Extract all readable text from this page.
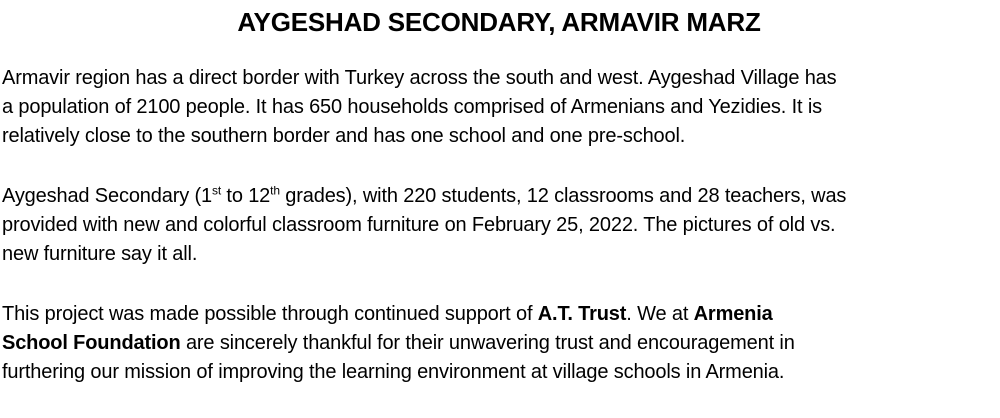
AYGESHAD SECONDARY, ARMAVIR MARZ

Armavir region has a direct border with Turkey across the south and west. Aygeshad Village has
a population of 2100 people. It has 650 households comprised of Armenians and Yezidies. It is
relatively close to the southern border and has one school and one pre-school.

Aygeshad Secondary (1st to 12th grades), with 220 students, 12 classrooms and 28 teachers, was
provided with new and colorful classroom furniture on February 25, 2022. The pictures of old vs.
new furniture say it all.

This project was made possible through continued support of A.T. Trust. We at Armenia
School Foundation are sincerely thankful for their unwavering trust and encouragement in
furthering our mission of improving the learning environment at village schools in Armenia.
